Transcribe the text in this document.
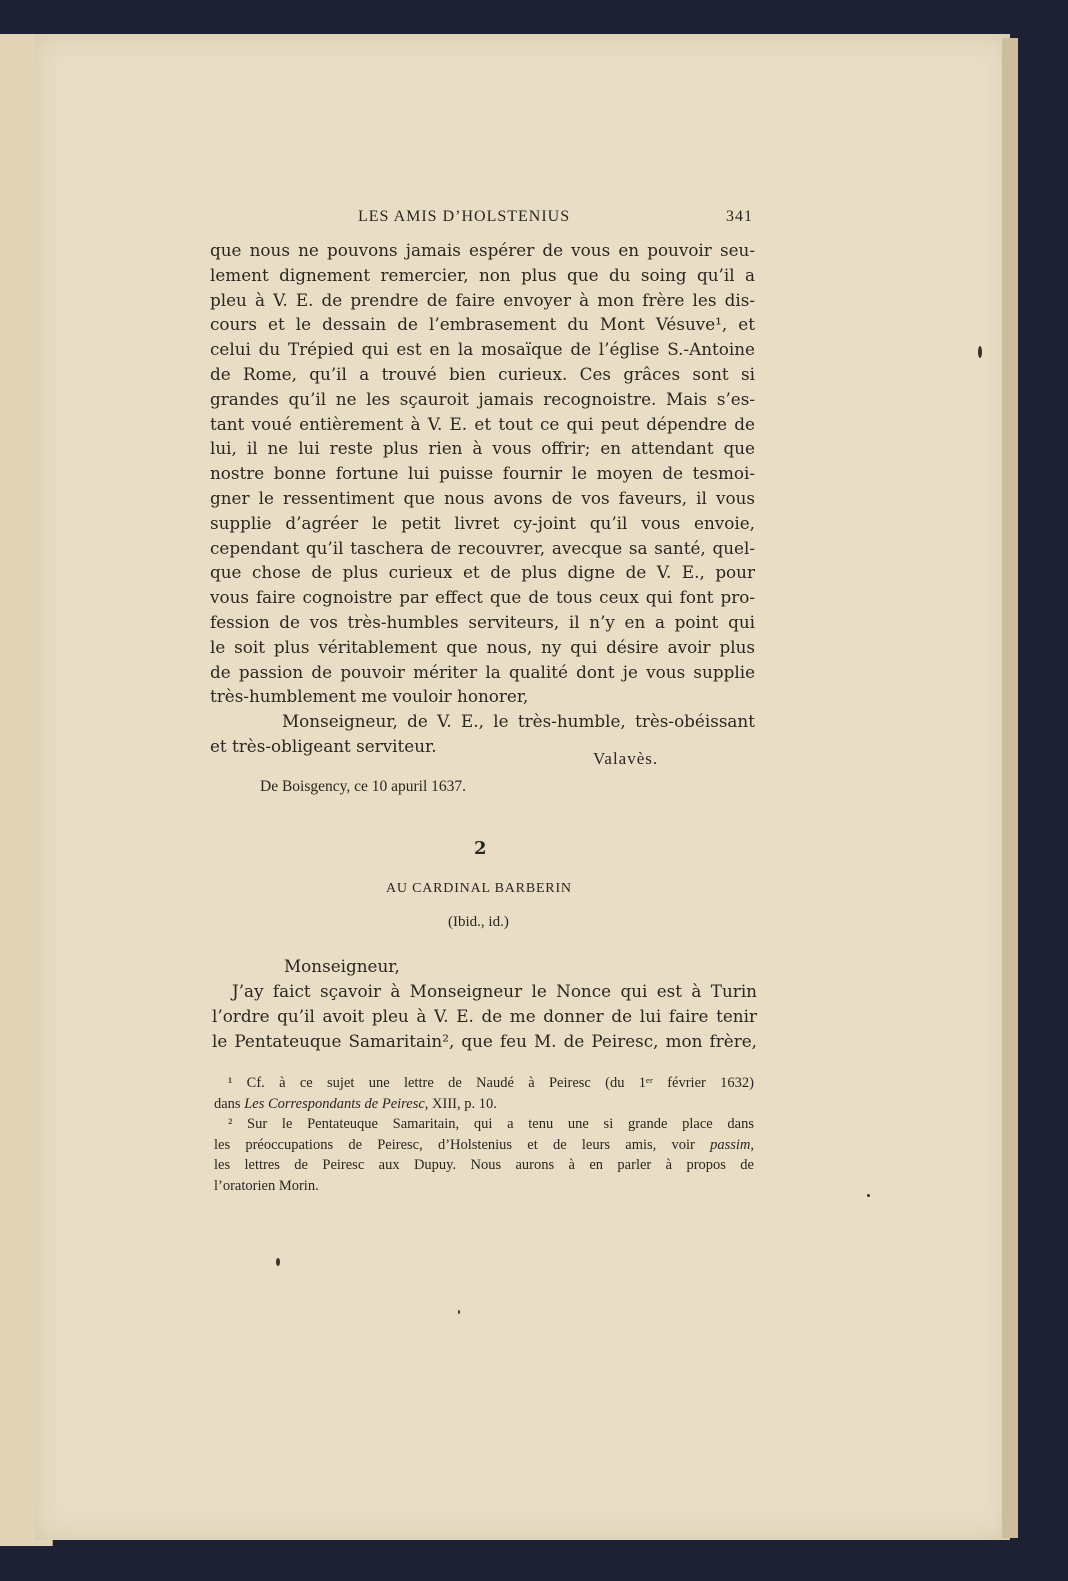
LES AMIS D’HOLSTENIUS	341
que nous ne pouvons jamais espérer de vous en pouvoir seu-
lement dignement remercier, non plus que du soing qu’il a
pleu à V. E. de prendre de faire envoyer à mon frère les dis-
cours et le dessain de l’embrasement du Mont Vésuve¹, et
celui du Trépied qui est en la mosaïque de l’église S.-Antoine
de Rome, qu’il a trouvé bien curieux. Ces grâces sont si
grandes qu’il ne les sçauroit jamais recognoistre. Mais s’es-
tant voué entièrement à V. E. et tout ce qui peut dépendre de
lui, il ne lui reste plus rien à vous offrir; en attendant que
nostre bonne fortune lui puisse fournir le moyen de tesmoi-
gner le ressentiment que nous avons de vos faveurs, il vous
supplie d’agréer le petit livret cy-joint qu’il vous envoie,
cependant qu’il taschera de recouvrer, avecque sa santé, quel-
que chose de plus curieux et de plus digne de V. E., pour
vous faire cognoistre par effect que de tous ceux qui font pro-
fession de vos très-humbles serviteurs, il n’y en a point qui
le soit plus véritablement que nous, ny qui désire avoir plus
de passion de pouvoir mériter la qualité dont je vous supplie
très-humblement me vouloir honorer,
Monseigneur, de V. E., le très-humble, très-obéissant
et très-obligeant serviteur.
Valavès.
De Boisgency, ce 10 apuril 1637.
2
AU CARDINAL BARBERIN
(Ibid., id.)
Monseigneur,
J’ay faict sçavoir à Monseigneur le Nonce qui est à Turin
l’ordre qu’il avoit pleu à V. E. de me donner de lui faire tenir
le Pentateuque Samaritain², que feu M. de Peiresc, mon frère,
¹ Cf. à ce sujet une lettre de Naudé à Peiresc (du 1ᵉʳ février 1632)
dans Les Correspondants de Peiresc, XIII, p. 10.
² Sur le Pentateuque Samaritain, qui a tenu une si grande place dans
les préoccupations de Peiresc, d’Holstenius et de leurs amis, voir passim,
les lettres de Peiresc aux Dupuy. Nous aurons à en parler à propos de
l’oratorien Morin.
